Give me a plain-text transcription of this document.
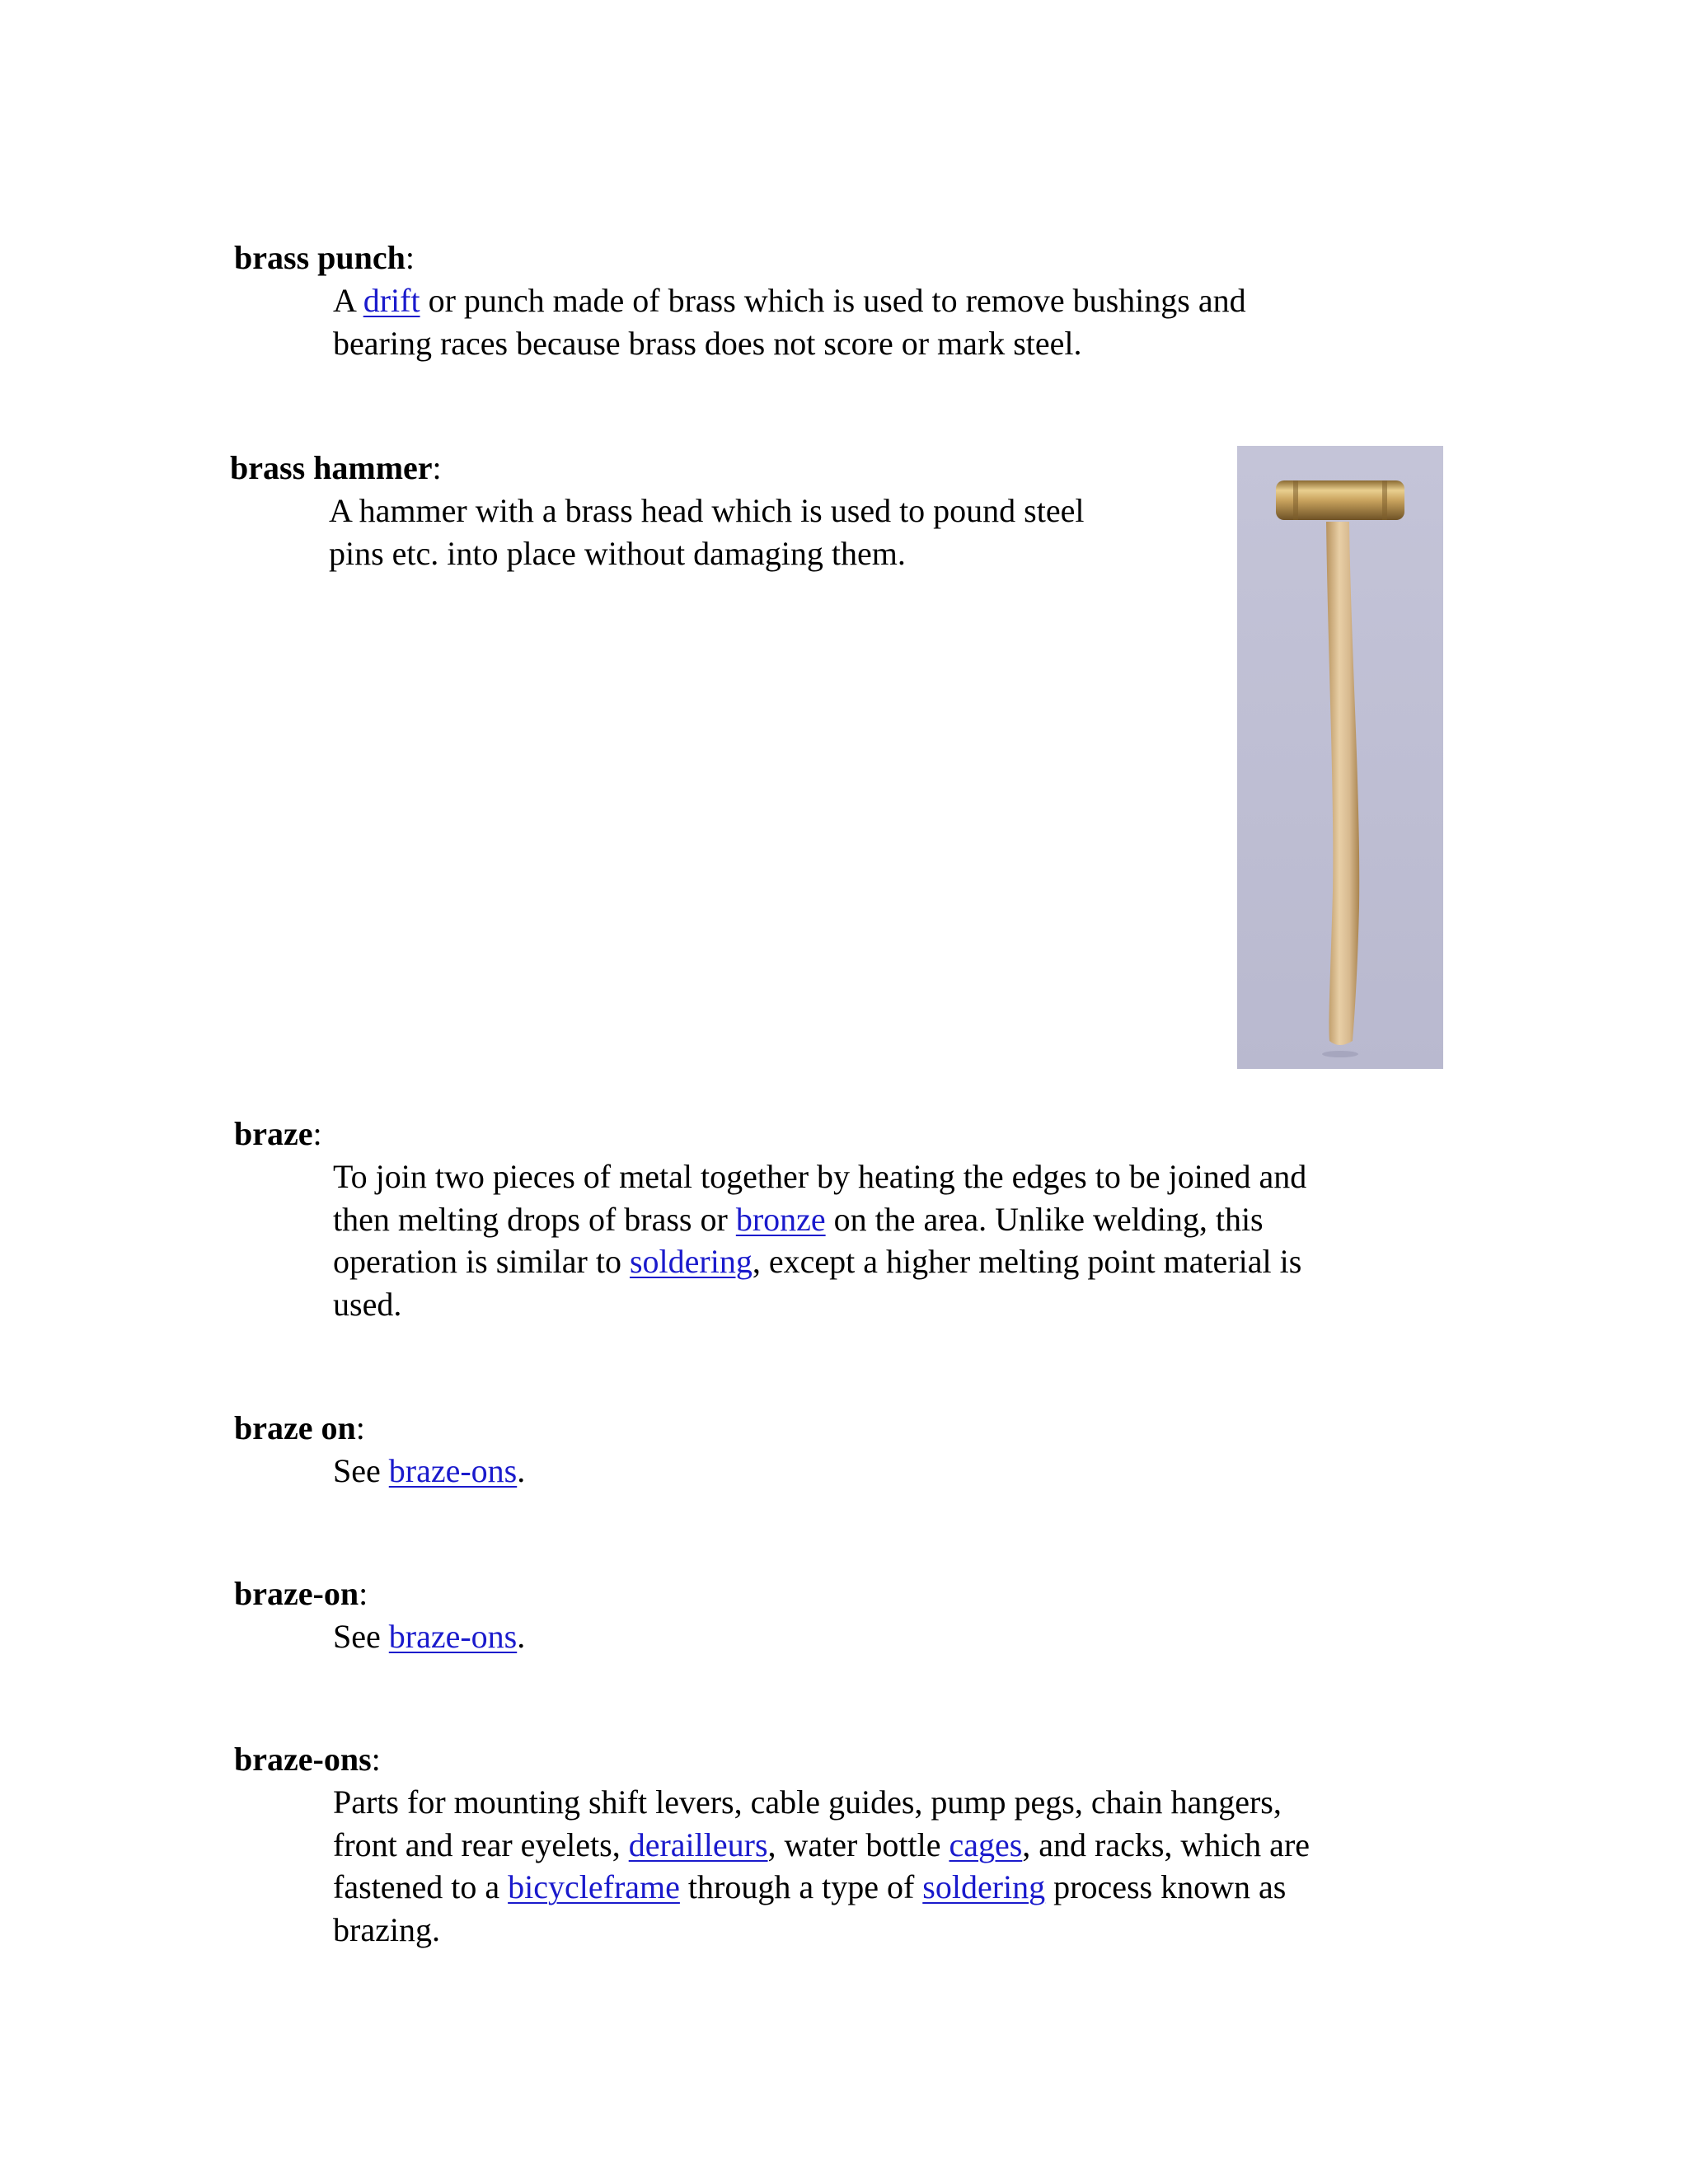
brass punch:
A drift or punch made of brass which is used to remove bushings and
bearing races because brass does not score or mark steel.
brass hammer:
A hammer with a brass head which is used to pound steel
pins etc. into place without damaging them.
braze:
To join two pieces of metal together by heating the edges to be joined and
then melting drops of brass or bronze on the area. Unlike welding, this
operation is similar to soldering, except a higher melting point material is
used.
braze on:
See braze-ons.
braze-on:
See braze-ons.
braze-ons:
Parts for mounting shift levers, cable guides, pump pegs, chain hangers,
front and rear eyelets, derailleurs, water bottle cages, and racks, which are
fastened to a bicycleframe through a type of soldering process known as
brazing.
